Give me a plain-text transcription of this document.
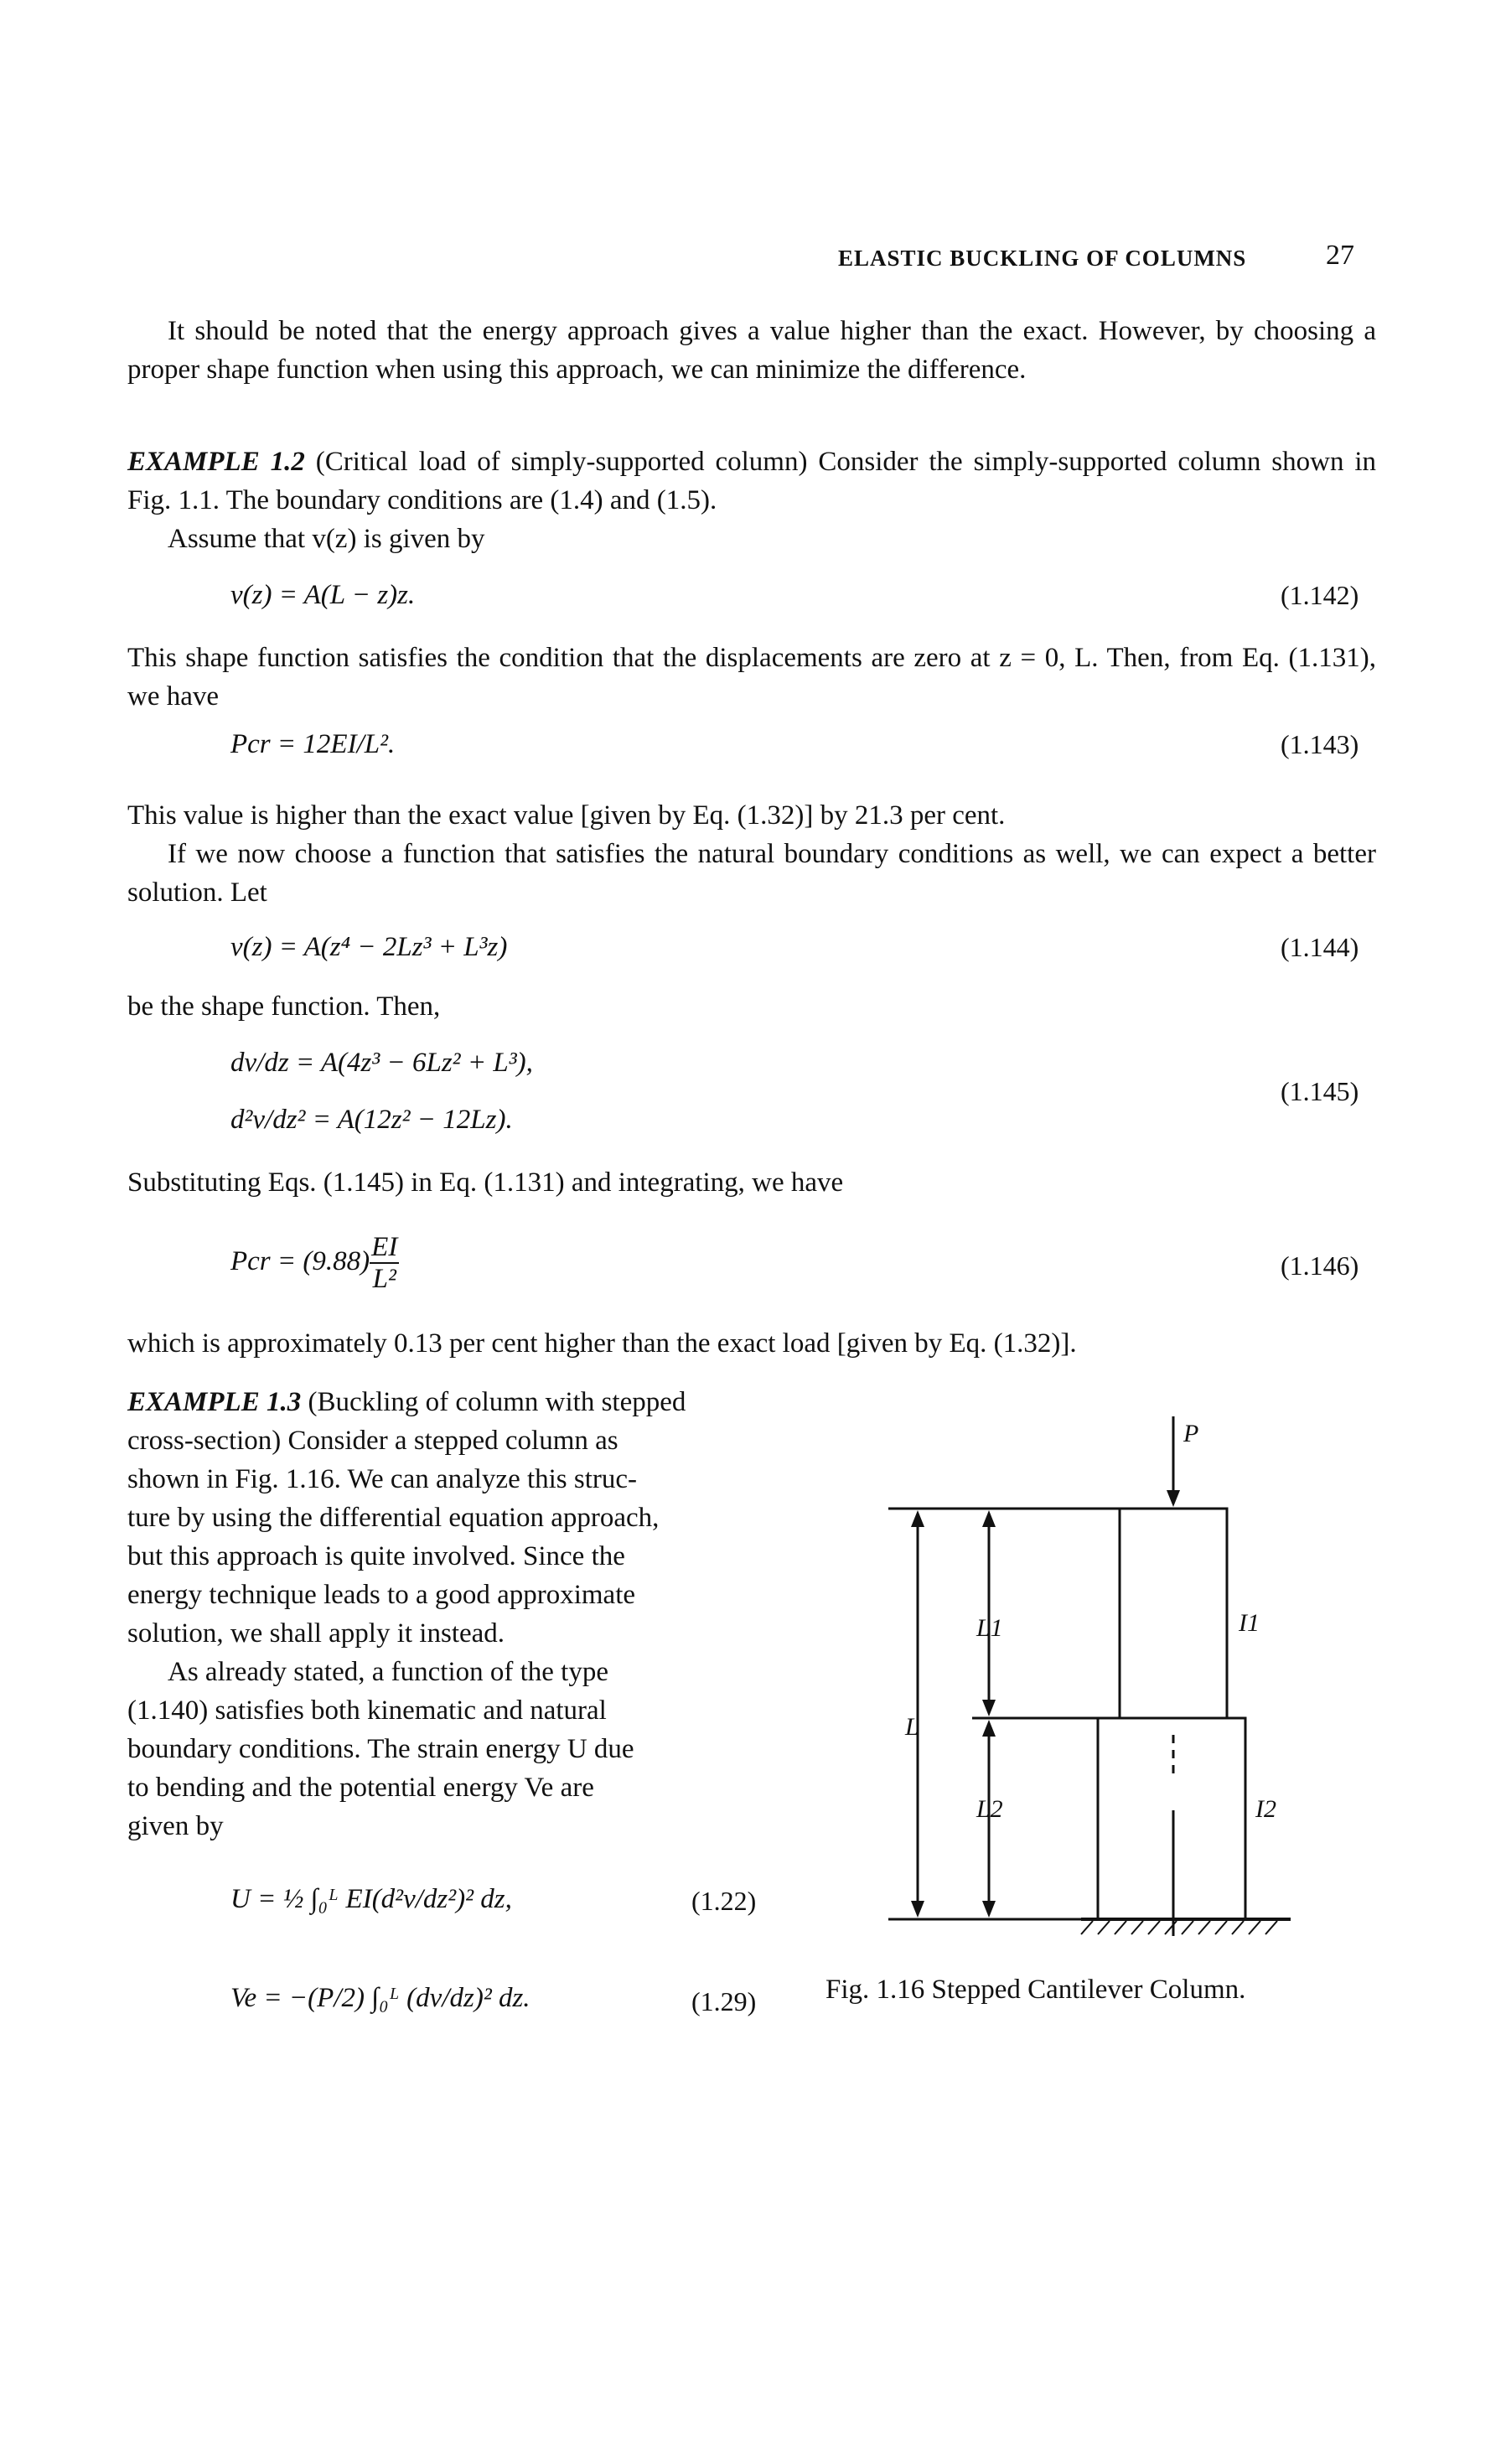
ELASTIC BUCKLING OF COLUMNS	27
It should be noted that the energy approach gives a value higher than the exact. However, by choosing a proper shape function when using this approach, we can minimize the difference.
EXAMPLE 1.2 (Critical load of simply-supported column) Consider the simply-supported column shown in Fig. 1.1. The boundary conditions are (1.4) and (1.5).
Assume that v(z) is given by
v(z) = A(L − z)z.	(1.142)
This shape function satisfies the condition that the displacements are zero at z = 0, L. Then, from Eq. (1.131), we have
Pcr = 12EI/L².	(1.143)
This value is higher than the exact value [given by Eq. (1.32)] by 21.3 per cent.
If we now choose a function that satisfies the natural boundary conditions as well, we can expect a better solution. Let
v(z) = A(z⁴ − 2Lz³ + L³z)	(1.144)
be the shape function. Then,
dv/dz = A(4z³ − 6Lz² + L³),
d²v/dz² = A(12z² − 12Lz).
(1.145)
Substituting Eqs. (1.145) in Eq. (1.131) and integrating, we have
Pcr = $(9.88) \frac{EI}{\text{L²}}$	(1.146)
which is approximately 0.13 per cent higher than the exact load [given by Eq. (1.32)].
EXAMPLE 1.3 (Buckling of column with stepped
cross-section) Consider a stepped column as
shown in Fig. 1.16. We can analyze this struc-
ture by using the differential equation approach,
but this approach is quite involved. Since the
energy technique leads to a good approximate
solution, we shall apply it instead.
As already stated, a function of the type
(1.140) satisfies both kinematic and natural
boundary conditions. The strain energy U due
to bending and the potential energy Ve are
given by
U = ½ ∫₀ᴸ EI(d²v/dz²)² dz,	(1.22)
Ve = −(P/2) ∫₀ᴸ (dv/dz)² dz.	(1.29)
P
L
L1
L2
I1
I2
Fig. 1.16 Stepped Cantilever Column.
